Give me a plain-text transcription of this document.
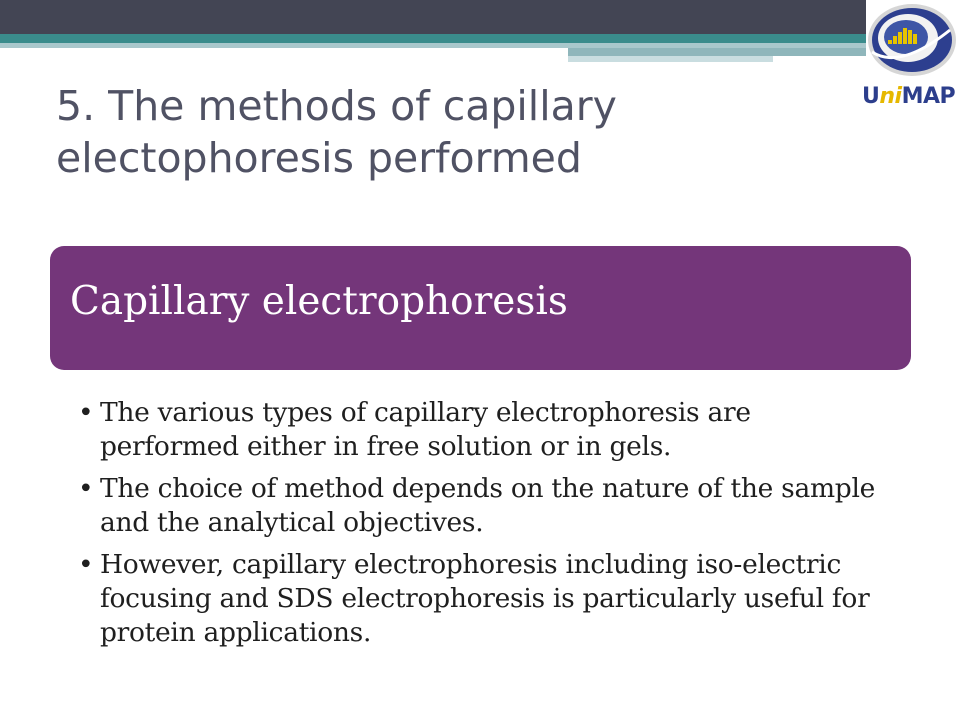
UniMAP
5. The methods of capillary
electophoresis performed
Capillary electrophoresis
• The various types of capillary electrophoresis are performed either in free solution or in gels.
• The choice of method depends on the nature of the sample and the analytical objectives.
• However, capillary electrophoresis including iso-electric focusing and SDS electrophoresis is particularly useful for protein applications.
